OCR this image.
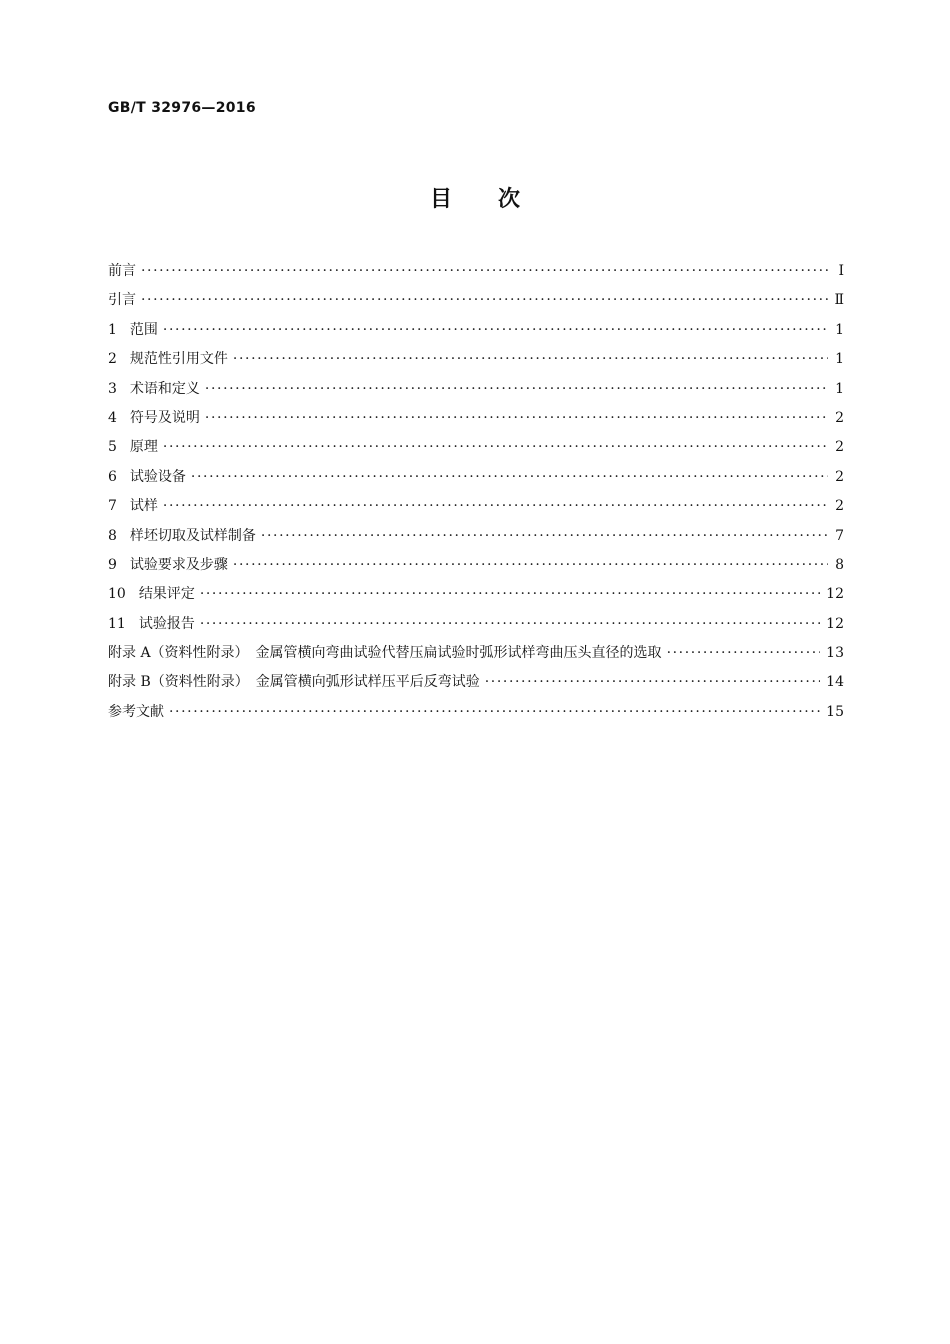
GB/T 32976—2016
目次
前言 ·····	Ⅰ
引言 ·····	Ⅱ
1 范围 ·····	1
2 规范性引用文件 ·····	1
3 术语和定义 ·····	1
4 符号及说明 ·····	2
5 原理 ·····	2
6 试验设备 ·····	2
7 试样 ·····	2
8 样坯切取及试样制备 ·····	7
9 试验要求及步骤 ·····	8
10 结果评定 ·····	12
11 试验报告 ·····	12
附录 A（资料性附录）　金属管横向弯曲试验代替压扁试验时弧形试样弯曲压头直径的选取 ·····	13
附录 B（资料性附录）　金属管横向弧形试样压平后反弯试验 ·····	14
参考文献 ·····	15
